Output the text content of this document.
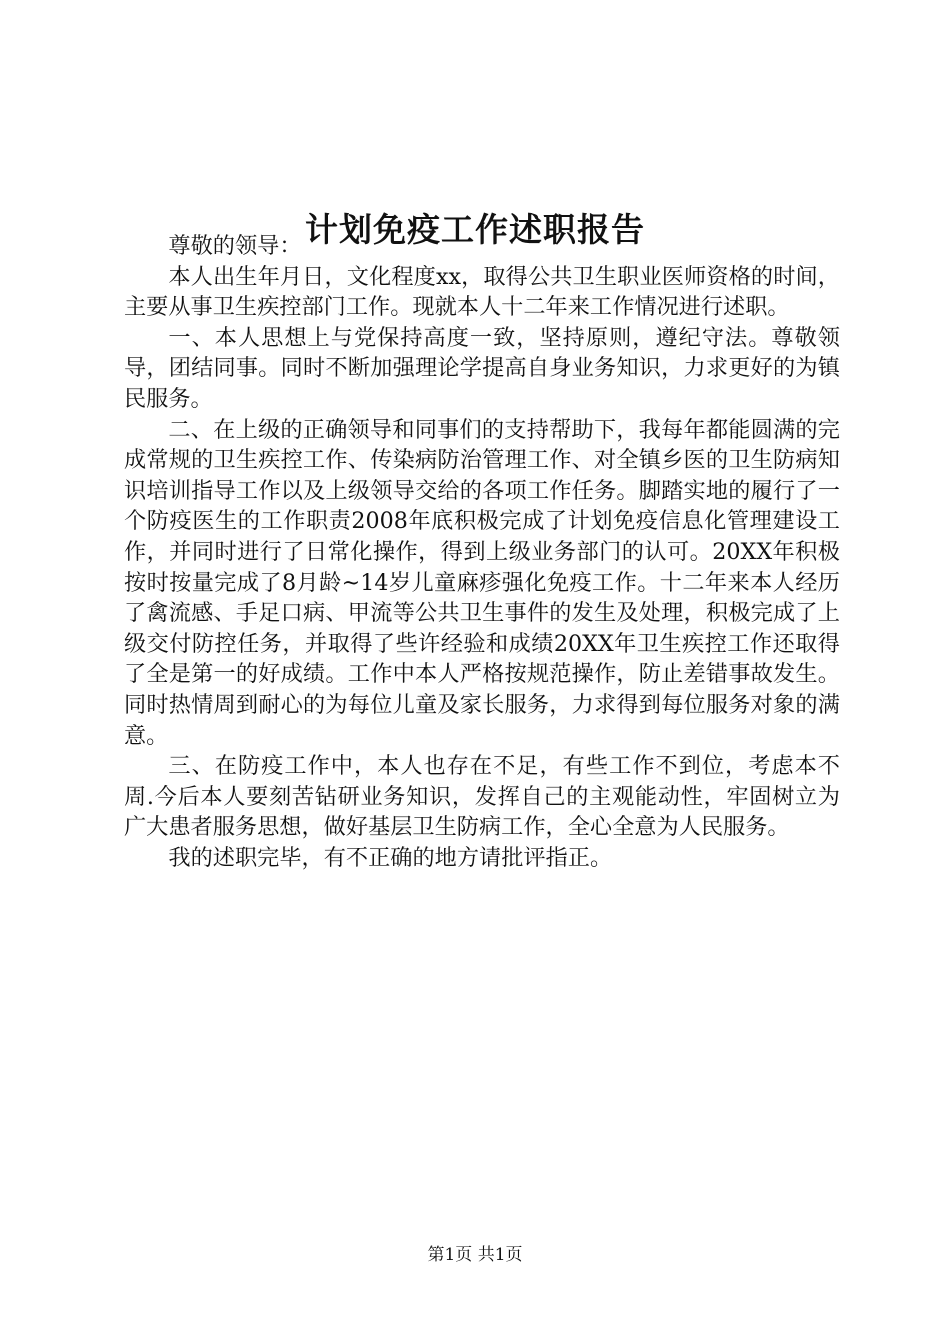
计划免疫工作述职报告

尊敬的领导：

本人出生年月日，文化程度xx，取得公共卫生职业医师资格的时间，主要从事卫生疾控部门工作。现就本人十二年来工作情况进行述职。

一、本人思想上与党保持高度一致，坚持原则，遵纪守法。尊敬领导，团结同事。同时不断加强理论学提高自身业务知识，力求更好的为镇民服务。

二、在上级的正确领导和同事们的支持帮助下，我每年都能圆满的完成常规的卫生疾控工作、传染病防治管理工作、对全镇乡医的卫生防病知识培训指导工作以及上级领导交给的各项工作任务。脚踏实地的履行了一个防疫医生的工作职责2008年底积极完成了计划免疫信息化管理建设工作，并同时进行了日常化操作，得到上级业务部门的认可。20XX年积极按时按量完成了8月龄~14岁儿童麻疹强化免疫工作。十二年来本人经历了禽流感、手足口病、甲流等公共卫生事件的发生及处理，积极完成了上级交付防控任务，并取得了些许经验和成绩20XX年卫生疾控工作还取得了全是第一的好成绩。工作中本人严格按规范操作，防止差错事故发生。同时热情周到耐心的为每位儿童及家长服务，力求得到每位服务对象的满意。

三、在防疫工作中，本人也存在不足，有些工作不到位，考虑本不周.今后本人要刻苦钻研业务知识，发挥自己的主观能动性，牢固树立为广大患者服务思想，做好基层卫生防病工作，全心全意为人民服务。

我的述职完毕，有不正确的地方请批评指正。

第1页 共1页
